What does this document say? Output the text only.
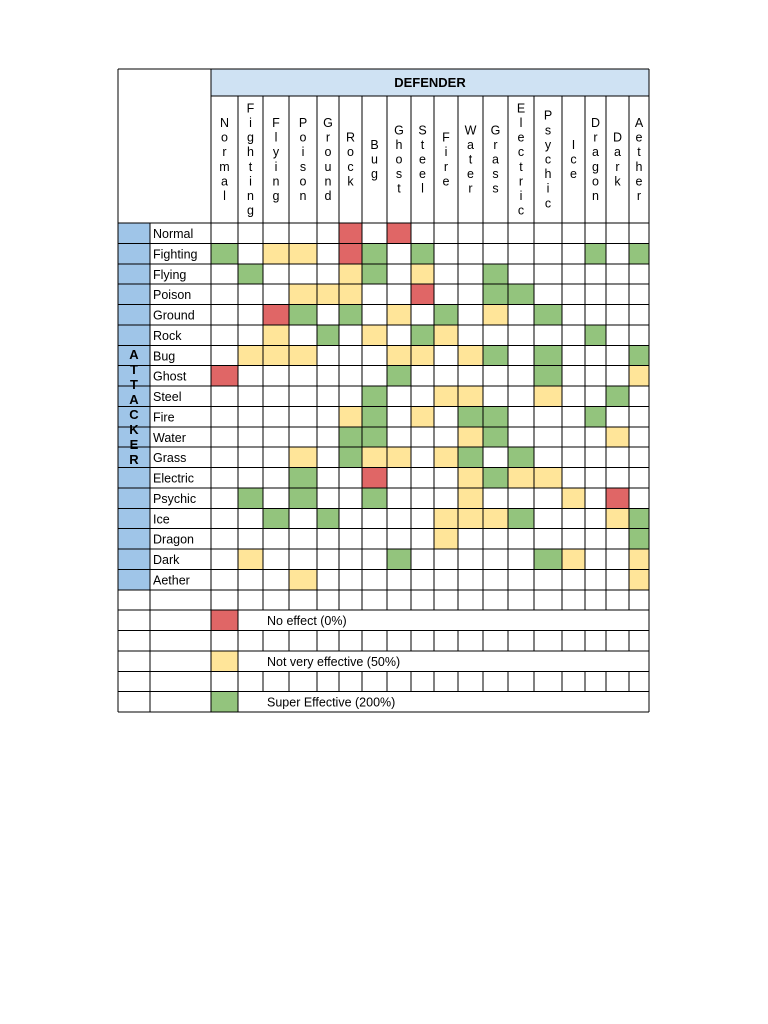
DEFENDER
N o r m a l
F i g h t i n g
F l y i n g
P o i s o n
G r o u n d
R o c k
B u g
G h o s t
S t e e l
F i r e
W a t e r
G r a s s
E l e c t r i c
P s y c h i c
I c e
D r a g o n
D a r k
A e t h e r
A T T A C K E R
Normal
Fighting
Flying
Poison
Ground
Rock
Bug
Ghost
Steel
Fire
Water
Grass
Electric
Psychic
Ice
Dragon
Dark
Aether
No effect (0%)
Not very effective (50%)
Super Effective (200%)
